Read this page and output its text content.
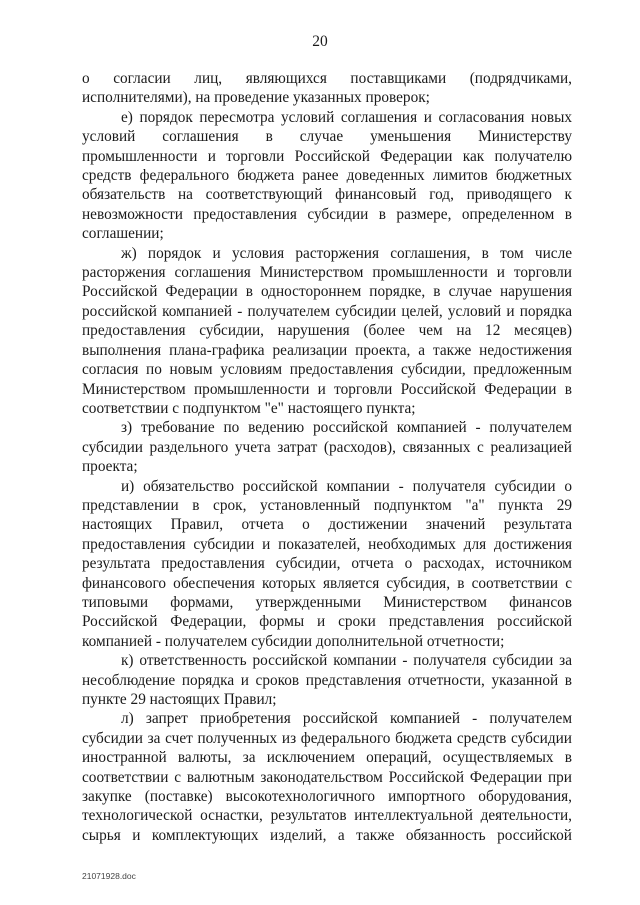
20

о согласии лиц, являющихся поставщиками (подрядчиками, исполнителями), на проведение указанных проверок;

е) порядок пересмотра условий соглашения и согласования новых условий соглашения в случае уменьшения Министерству промышленности и торговли Российской Федерации как получателю средств федерального бюджета ранее доведенных лимитов бюджетных обязательств на соответствующий финансовый год, приводящего к невозможности предоставления субсидии в размере, определенном в соглашении;

ж) порядок и условия расторжения соглашения, в том числе расторжения соглашения Министерством промышленности и торговли Российской Федерации в одностороннем порядке, в случае нарушения российской компанией - получателем субсидии целей, условий и порядка предоставления субсидии, нарушения (более чем на 12 месяцев) выполнения плана-графика реализации проекта, а также недостижения согласия по новым условиям предоставления субсидии, предложенным Министерством промышленности и торговли Российской Федерации в соответствии с подпунктом "е" настоящего пункта;

з) требование по ведению российской компанией - получателем субсидии раздельного учета затрат (расходов), связанных с реализацией проекта;

и) обязательство российской компании - получателя субсидии о представлении в срок, установленный подпунктом "а" пункта 29 настоящих Правил, отчета о достижении значений результата предоставления субсидии и показателей, необходимых для достижения результата предоставления субсидии, отчета о расходах, источником финансового обеспечения которых является субсидия, в соответствии с типовыми формами, утвержденными Министерством финансов Российской Федерации, формы и сроки представления российской компанией - получателем субсидии дополнительной отчетности;

к) ответственность российской компании - получателя субсидии за несоблюдение порядка и сроков представления отчетности, указанной в пункте 29 настоящих Правил;

л) запрет приобретения российской компанией - получателем субсидии за счет полученных из федерального бюджета средств субсидии иностранной валюты, за исключением операций, осуществляемых в соответствии с валютным законодательством Российской Федерации при закупке (поставке) высокотехнологичного импортного оборудования, технологической оснастки, результатов интеллектуальной деятельности, сырья и комплектующих изделий, а также обязанность российской

21071928.doc
